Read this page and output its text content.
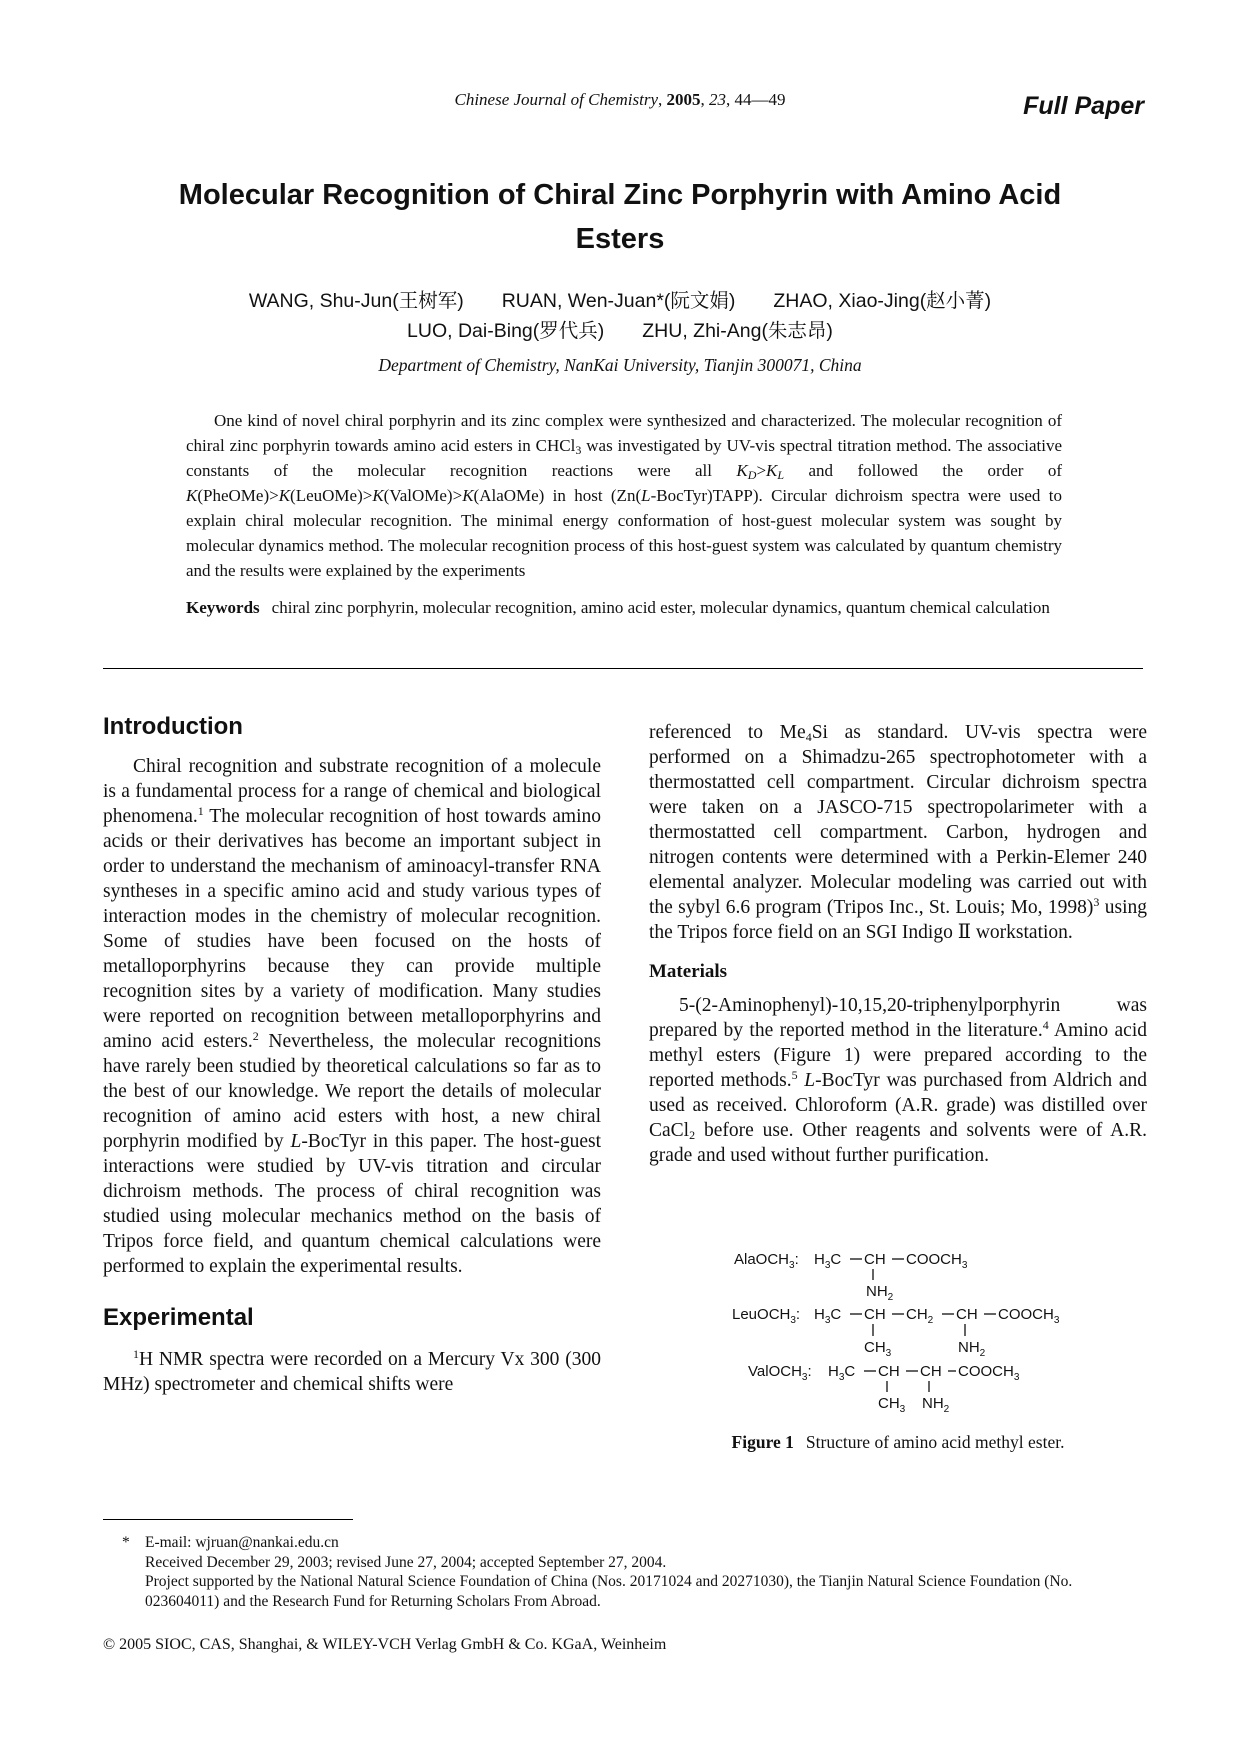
Chinese Journal of Chemistry, 2005, 23, 44—49	Full Paper
Molecular Recognition of Chiral Zinc Porphyrin with Amino Acid Esters
WANG, Shu-Jun(王树军) RUAN, Wen-Juan*(阮文娟) ZHAO, Xiao-Jing(赵小菁)
LUO, Dai-Bing(罗代兵) ZHU, Zhi-Ang(朱志昂)
Department of Chemistry, NanKai University, Tianjin 300071, China

One kind of novel chiral porphyrin and its zinc complex were synthesized and characterized. The molecular recognition of chiral zinc porphyrin towards amino acid esters in CHCl$_3$ was investigated by UV-vis spectral titration method. The associative constants of the molecular recognition reactions were all $K_D>K_L$ and followed the order of K(PheOMe)>K(LeuOMe)>K(ValOMe)>K(AlaOMe) in host (Zn(L-BocTyr)TAPP). Circular dichroism spectra were used to explain chiral molecular recognition. The minimal energy conformation of host-guest molecular system was sought by molecular dynamics method. The molecular recognition process of this host-guest system was calculated by quantum chemistry and the results were explained by the experiments

Keywords chiral zinc porphyrin, molecular recognition, amino acid ester, molecular dynamics, quantum chemical calculation

Introduction

Chiral recognition and substrate recognition of a molecule is a fundamental process for a range of chemical and biological phenomena.$^1$ The molecular recognition of host towards amino acids or their derivatives has become an important subject in order to understand the mechanism of aminoacyl-transfer RNA syntheses in a specific amino acid and study various types of interaction modes in the chemistry of molecular recognition. Some of studies have been focused on the hosts of metalloporphyrins because they can provide multiple recognition sites by a variety of modification. Many studies were reported on recognition between metalloporphyrins and amino acid esters.$^2$ Nevertheless, the molecular recognitions have rarely been studied by theoretical calculations so far as to the best of our knowledge. We report the details of molecular recognition of amino acid esters with host, a new chiral porphyrin modified by L-BocTyr in this paper. The host-guest interactions were studied by UV-vis titration and circular dichroism methods. The process of chiral recognition was studied using molecular mechanics method on the basis of Tripos force field, and quantum chemical calculations were performed to explain the experimental results.

Experimental

$^1$H NMR spectra were recorded on a Mercury Vx 300 (300 MHz) spectrometer and chemical shifts were

referenced to $Me_4Si$ as standard. UV-vis spectra were performed on a Shimadzu-265 spectrophotometer with a thermostatted cell compartment. Circular dichroism spectra were taken on a JASCO-715 spectropolarimeter with a thermostatted cell compartment. Carbon, hydrogen and nitrogen contents were determined with a Perkin-Elemer 240 elemental analyzer. Molecular modeling was carried out with the sybyl 6.6 program (Tripos Inc., St. Louis; Mo, 1998)$^3$ using the Tripos force field on an SGI Indigo Ⅱ workstation.

Materials

5-(2-Aminophenyl)-10,15,20-triphenylporphyrin was prepared by the reported method in the literature.$^4$ Amino acid methyl esters (Figure 1) were prepared according to the reported methods.$^5$ L-BocTyr was purchased from Aldrich and used as received. Chloroform (A.R. grade) was distilled over CaCl$_2$ before use. Other reagents and solvents were of A.R. grade and used without further purification.

AlaOCH$_3$: $H_3C$ CH $COOCH_3$
$NH_2$
LeuOCH$_3$: $H_3C$ CH $CH_2$ CH $COOCH_3$
$CH_3$	$NH_2$
ValOCH$_3$: $H_3C$ CH CH $COOCH_3$
$CH_3$ $NH_2$
Figure 1 Structure of amino acid methyl ester.
* E-mail: wjruan@nankai.edu.cn
Received December 29, 2003; revised June 27, 2004; accepted September 27, 2004.
Project supported by the National Natural Science Foundation of China (Nos. 20171024 and 20271030), the Tianjin Natural Science Foundation (No. 023604011) and the Research Fund for Returning Scholars From Abroad.
© 2005 SIOC, CAS, Shanghai, & WILEY-VCH Verlag GmbH & Co. KGaA, Weinheim
